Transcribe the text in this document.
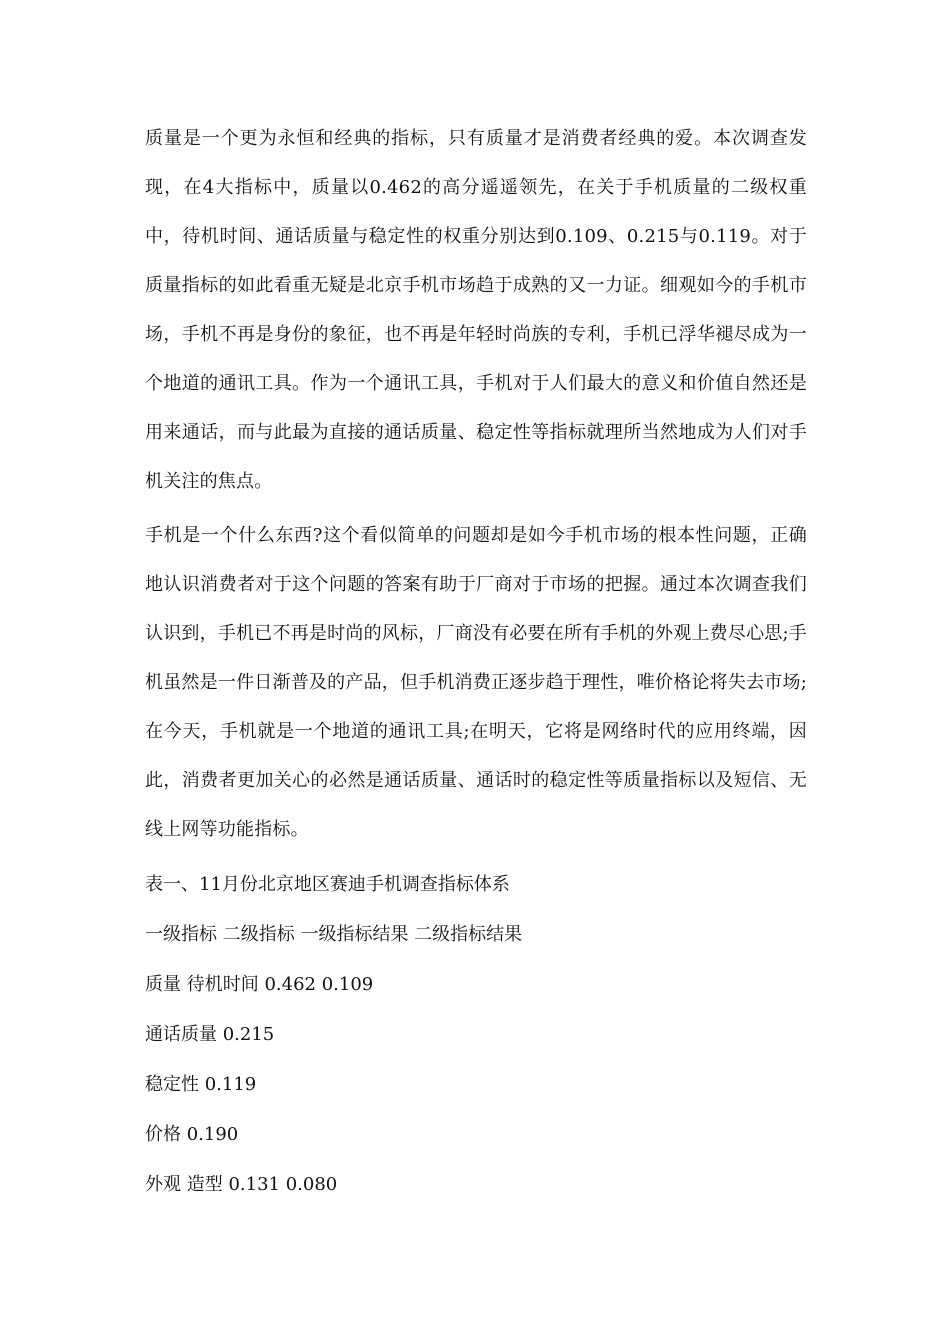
质量是一个更为永恒和经典的指标，只有质量才是消费者经典的爱。本次调查发现，在4大指标中，质量以0.462的高分遥遥领先，在关于手机质量的二级权重中，待机时间、通话质量与稳定性的权重分别达到0.109、0.215与0.119。对于质量指标的如此看重无疑是北京手机市场趋于成熟的又一力证。细观如今的手机市场，手机不再是身份的象征，也不再是年轻时尚族的专利，手机已浮华褪尽成为一个地道的通讯工具。作为一个通讯工具，手机对于人们最大的意义和价值自然还是用来通话，而与此最为直接的通话质量、稳定性等指标就理所当然地成为人们对手机关注的焦点。

手机是一个什么东西?这个看似简单的问题却是如今手机市场的根本性问题，正确地认识消费者对于这个问题的答案有助于厂商对于市场的把握。通过本次调查我们认识到，手机已不再是时尚的风标，厂商没有必要在所有手机的外观上费尽心思;手机虽然是一件日渐普及的产品，但手机消费正逐步趋于理性，唯价格论将失去市场;在今天，手机就是一个地道的通讯工具;在明天，它将是网络时代的应用终端，因此，消费者更加关心的必然是通话质量、通话时的稳定性等质量指标以及短信、无线上网等功能指标。

表一、11月份北京地区赛迪手机调查指标体系

一级指标 二级指标 一级指标结果 二级指标结果

质量 待机时间 0.462 0.109

通话质量 0.215

稳定性 0.119

价格 0.190

外观 造型 0.131 0.080
